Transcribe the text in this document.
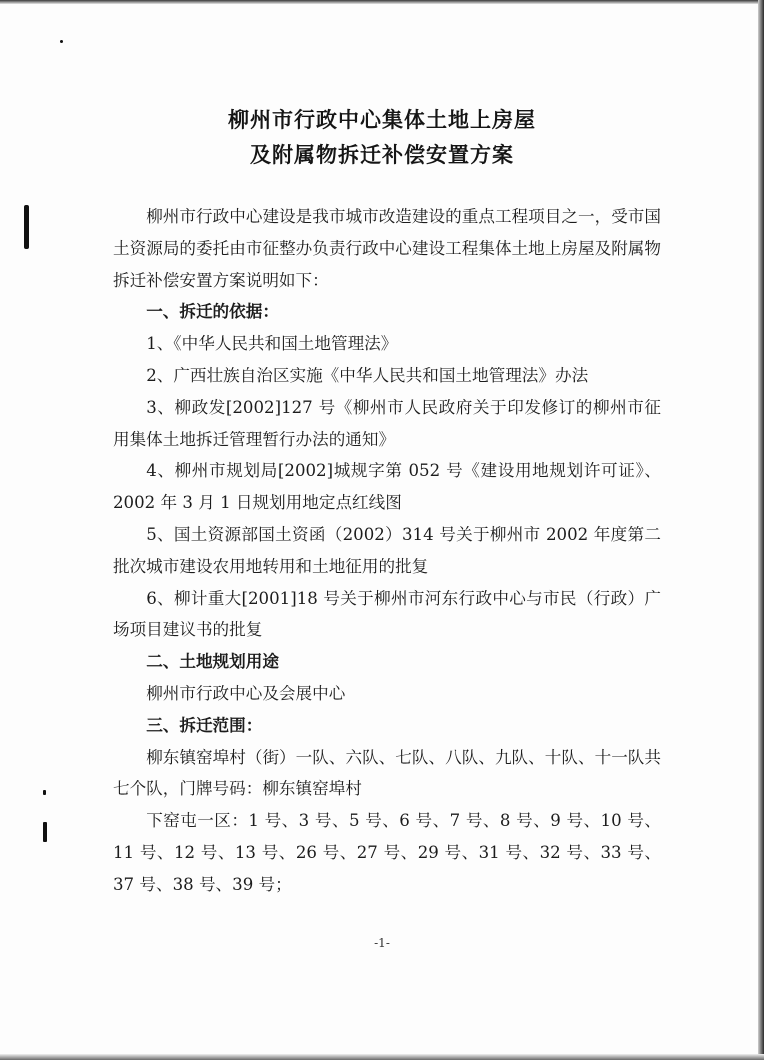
柳州市行政中心集体土地上房屋
及附属物拆迁补偿安置方案

柳州市行政中心建设是我市城市改造建设的重点工程项目之一，受市国土资源局的委托由市征整办负责行政中心建设工程集体土地上房屋及附属物拆迁补偿安置方案说明如下：

一、拆迁的依据：

1、《中华人民共和国土地管理法》

2、广西壮族自治区实施《中华人民共和国土地管理法》办法

3、柳政发[2002]127 号《柳州市人民政府关于印发修订的柳州市征用集体土地拆迁管理暂行办法的通知》

4、柳州市规划局[2002]城规字第 052 号《建设用地规划许可证》、2002 年 3 月 1 日规划用地定点红线图

5、国土资源部国土资函（2002）314 号关于柳州市 2002 年度第二批次城市建设农用地转用和土地征用的批复

6、柳计重大[2001]18 号关于柳州市河东行政中心与市民（行政）广场项目建议书的批复

二、土地规划用途

柳州市行政中心及会展中心

三、拆迁范围：

柳东镇窑埠村（街）一队、六队、七队、八队、九队、十队、十一队共七个队，门牌号码：柳东镇窑埠村

下窑屯一区：1 号、3 号、5 号、6 号、7 号、8 号、9 号、10 号、11 号、12 号、13 号、26 号、27 号、29 号、31 号、32 号、33 号、37 号、38 号、39 号；

-1-
